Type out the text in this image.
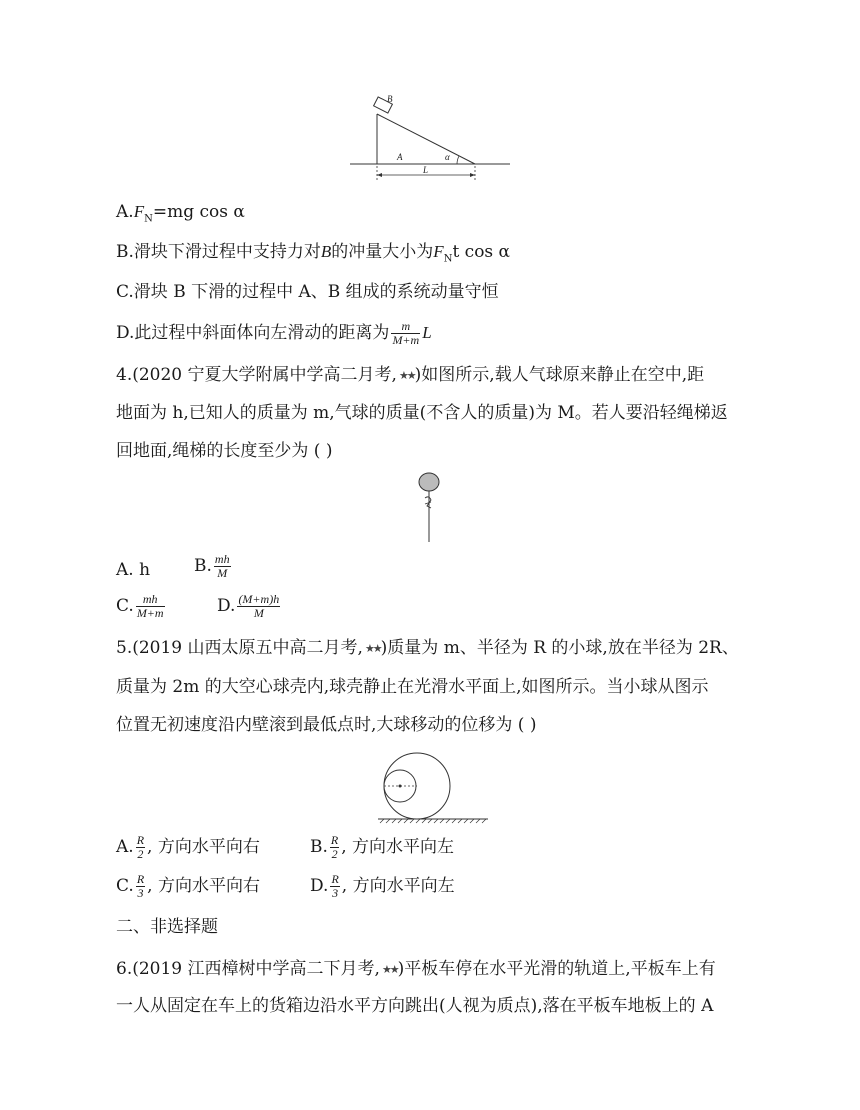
B
A	α
L
$A.F_N=mg$ cos α
B.滑块下滑过程中支持力对B的冲量大小为$F_Nt$ cos α
C.滑块 B 下滑的过程中 A、B 组成的系统动量守恒
D.此过程中斜面体向左滑动的距离为 $\frac{m}{M+m}$ L
4.(2020 宁夏大学附属中学高二月考, ★★)如图所示,载人气球原来静止在空中,距
地面为 h,已知人的质量为 m,气球的质量(不含人的质量)为 M。若人要沿轻绳梯返
回地面,绳梯的长度至少为 ( )
A. h	B. $\frac{mh}{M}$
C. $\frac{mh}{M+m}$	D. $\frac{(M+m)h}{M}$
5.(2019 山西太原五中高二月考, ★★)质量为 m、半径为 R 的小球,放在半径为 2R、
质量为 2m 的大空心球壳内,球壳静止在光滑水平面上,如图所示。当小球从图示
位置无初速度沿内壁滚到最低点时,大球移动的位移为 ( )
A. $\frac{R}{2}$ , 方向水平向右	B. $\frac{R}{2}$ , 方向水平向左
C. $\frac{R}{3}$ , 方向水平向右	D. $\frac{R}{3}$ , 方向水平向左
二、非选择题
6.(2019 江西樟树中学高二下月考, ★★)平板车停在水平光滑的轨道上,平板车上有
一人从固定在车上的货箱边沿水平方向跳出(人视为质点),落在平板车地板上的 A
